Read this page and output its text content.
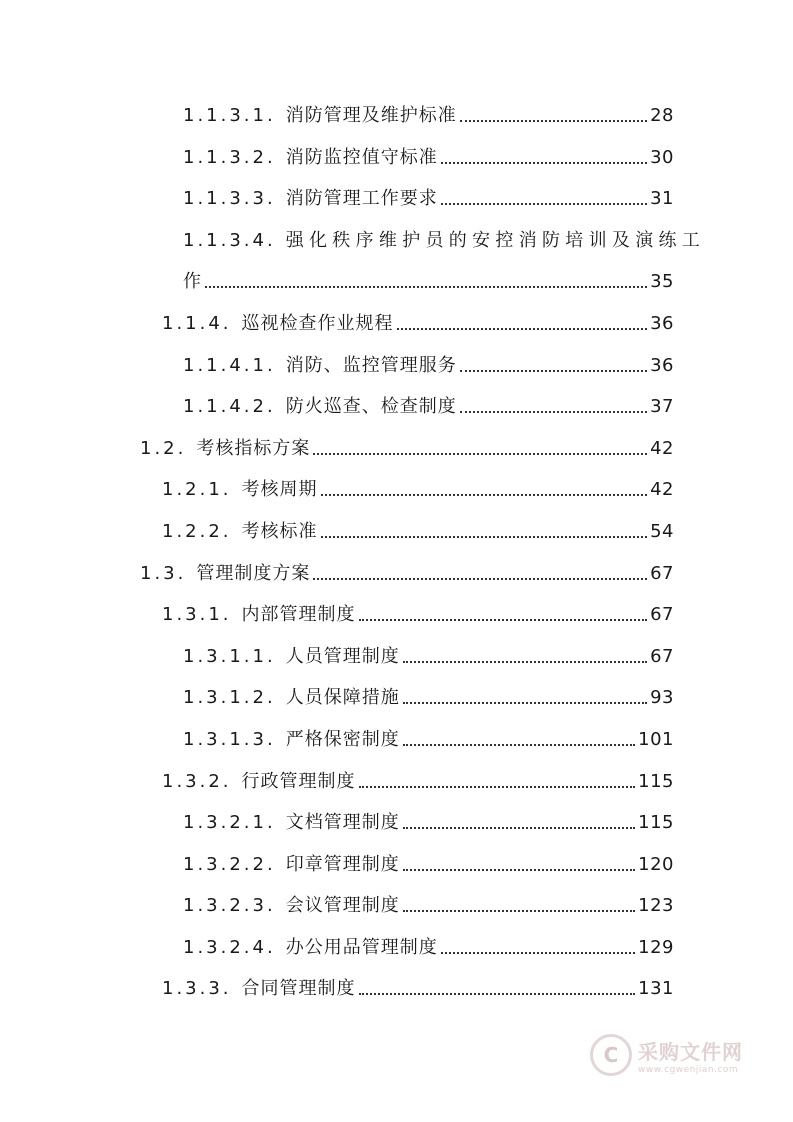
1.1.3.1. 消防管理及维护标准	28
1.1.3.2. 消防监控值守标准	30
1.1.3.3. 消防管理工作要求	31
1.1.3.4. 强化秩序维护员的安控消防培训及演练工
作	35
1.1.4. 巡视检查作业规程	36
1.1.4.1. 消防、监控管理服务	36
1.1.4.2. 防火巡查、检查制度	37
1.2. 考核指标方案	42
1.2.1. 考核周期	42
1.2.2. 考核标准	54
1.3. 管理制度方案	67
1.3.1. 内部管理制度	67
1.3.1.1. 人员管理制度	67
1.3.1.2. 人员保障措施	93
1.3.1.3. 严格保密制度	101
1.3.2. 行政管理制度	115
1.3.2.1. 文档管理制度	115
1.3.2.2. 印章管理制度	120
1.3.2.3. 会议管理制度	123
1.3.2.4. 办公用品管理制度	129
1.3.3. 合同管理制度	131
C 采购文件网
www.cgwenjian.com
